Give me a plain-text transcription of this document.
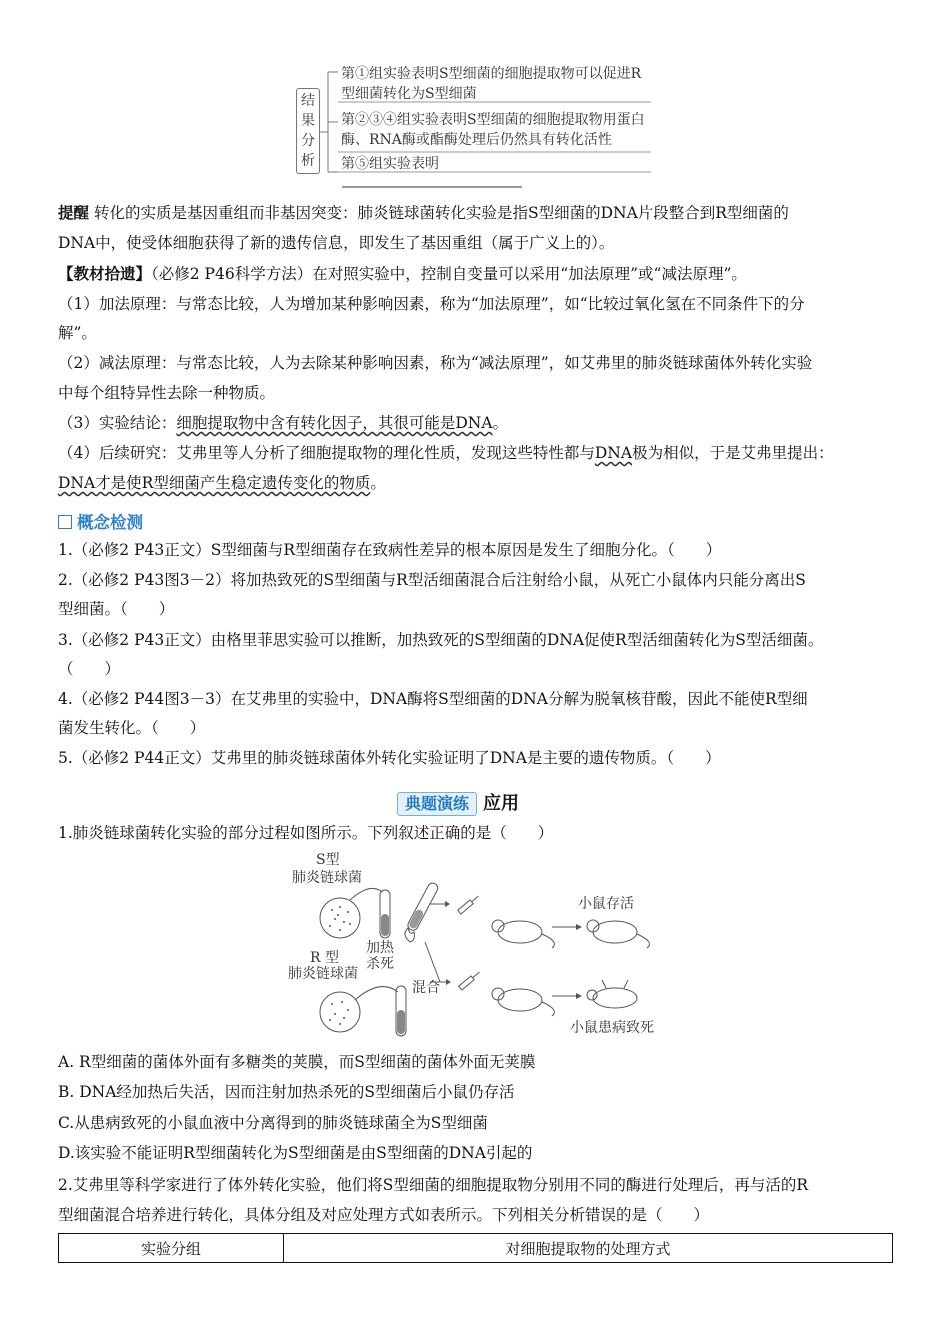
结
果
分
析
第①组实验表明S型细菌的细胞提取物可以促进R
型细菌转化为S型细菌
第②③④组实验表明S型细菌的细胞提取物用蛋白
酶、RNA酶或酯酶处理后仍然具有转化活性
第⑤组实验表明
提醒 转化的实质是基因重组而非基因突变：肺炎链球菌转化实验是指S型细菌的DNA片段整合到R型细菌的
DNA中，使受体细胞获得了新的遗传信息，即发生了基因重组（属于广义上的）。
【教材拾遗】（必修2 P46科学方法）在对照实验中，控制自变量可以采用“加法原理”或“减法原理”。
（1）加法原理：与常态比较，人为增加某种影响因素，称为“加法原理”，如“比较过氧化氢在不同条件下的分
解”。
（2）减法原理：与常态比较，人为去除某种影响因素，称为“减法原理”，如艾弗里的肺炎链球菌体外转化实验
中每个组特异性去除一种物质。
（3）实验结论：细胞提取物中含有转化因子，其很可能是DNA。
（4）后续研究：艾弗里等人分析了细胞提取物的理化性质，发现这些特性都与DNA极为相似，于是艾弗里提出：
DNA才是使R型细菌产生稳定遗传变化的物质。
概念检测
1.（必修2 P43正文）S型细菌与R型细菌存在致病性差异的根本原因是发生了细胞分化。（　　）
2.（必修2 P43图3－2）将加热致死的S型细菌与R型活细菌混合后注射给小鼠，从死亡小鼠体内只能分离出S
型细菌。（　　）
3.（必修2 P43正文）由格里菲思实验可以推断，加热致死的S型细菌的DNA促使R型活细菌转化为S型活细菌。
（　　）
4.（必修2 P44图3－3）在艾弗里的实验中，DNA酶将S型细菌的DNA分解为脱氧核苷酸，因此不能使R型细
菌发生转化。（　　）
5.（必修2 P44正文）艾弗里的肺炎链球菌体外转化实验证明了DNA是主要的遗传物质。（　　）
典题演练 应用
1.肺炎链球菌转化实验的部分过程如图所示。下列叙述正确的是（　　）
S型
肺炎链球菌
加热
杀死
R 型
肺炎链球菌
混合
小鼠存活
小鼠患病致死
A. R型细菌的菌体外面有多糖类的荚膜，而S型细菌的菌体外面无荚膜
B. DNA经加热后失活，因而注射加热杀死的S型细菌后小鼠仍存活
C.从患病致死的小鼠血液中分离得到的肺炎链球菌全为S型细菌
D.该实验不能证明R型细菌转化为S型细菌是由S型细菌的DNA引起的
2.艾弗里等科学家进行了体外转化实验，他们将S型细菌的细胞提取物分别用不同的酶进行处理后，再与活的R
型细菌混合培养进行转化，具体分组及对应处理方式如表所示。下列相关分析错误的是（　　）
实验分组	对细胞提取物的处理方式
